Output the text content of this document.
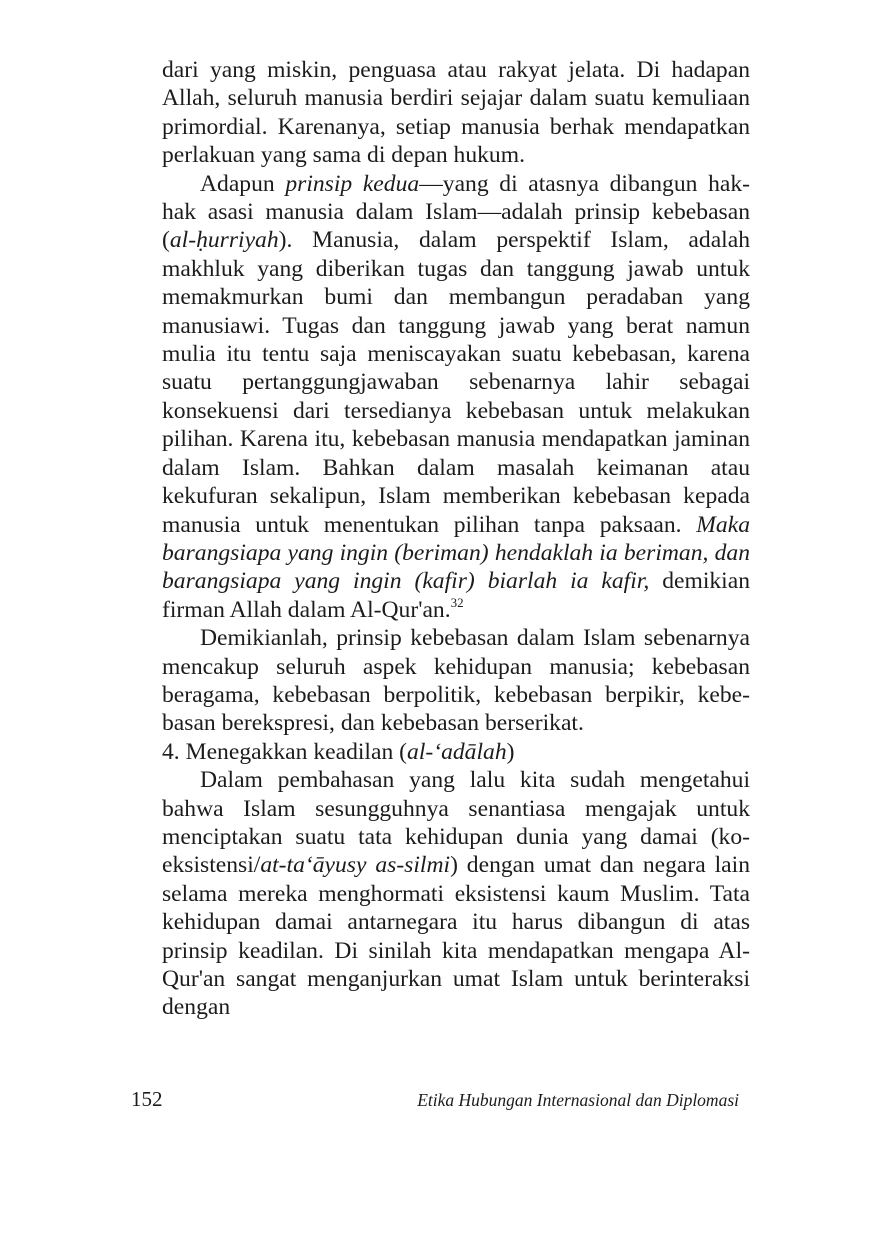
dari yang miskin, penguasa atau rakyat jelata. Di hadapan Allah, seluruh manusia berdiri sejajar dalam suatu kemuliaan primordial. Karenanya, setiap manusia berhak mendapatkan perlakuan yang sama di depan hukum.

Adapun prinsip kedua—yang di atasnya dibangun hak-hak asasi manusia dalam Islam—adalah prinsip kebebasan (al-ḥurriyah). Manusia, dalam perspektif Islam, adalah makhluk yang diberikan tugas dan tanggung jawab untuk memakmurkan bumi dan membangun peradaban yang manusiawi. Tugas dan tanggung jawab yang berat namun mulia itu tentu saja meniscayakan suatu kebebasan, karena suatu pertanggungjawaban sebenarnya lahir sebagai konsekuensi dari tersedianya kebebasan untuk melakukan pilihan. Karena itu, kebebasan manusia mendapatkan jaminan dalam Islam. Bahkan dalam masalah keimanan atau kekufuran sekalipun, Islam memberikan kebebasan kepada manusia untuk menentukan pilihan tanpa paksaan. Maka barangsiapa yang ingin (beriman) hendaklah ia beriman, dan barangsiapa yang ingin (kafir) biarlah ia kafir, demikian firman Allah dalam Al-Qur'an.$^{32}$

Demikianlah, prinsip kebebasan dalam Islam sebenarnya mencakup seluruh aspek kehidupan manusia; kebebasan beragama, kebebasan berpolitik, kebebasan berpikir, kebebasan berekspresi, dan kebebasan berserikat.

4. Menegakkan keadilan (al-‘adālah)

Dalam pembahasan yang lalu kita sudah mengetahui bahwa Islam sesungguhnya senantiasa mengajak untuk menciptakan suatu tata kehidupan dunia yang damai (koeksistensi/at-ta‘āyusy as-silmi) dengan umat dan negara lain selama mereka menghormati eksistensi kaum Muslim. Tata kehidupan damai antarnegara itu harus dibangun di atas prinsip keadilan. Di sinilah kita mendapatkan mengapa Al-Qur'an sangat menganjurkan umat Islam untuk berinteraksi dengan

152	Etika Hubungan Internasional dan Diplomasi
